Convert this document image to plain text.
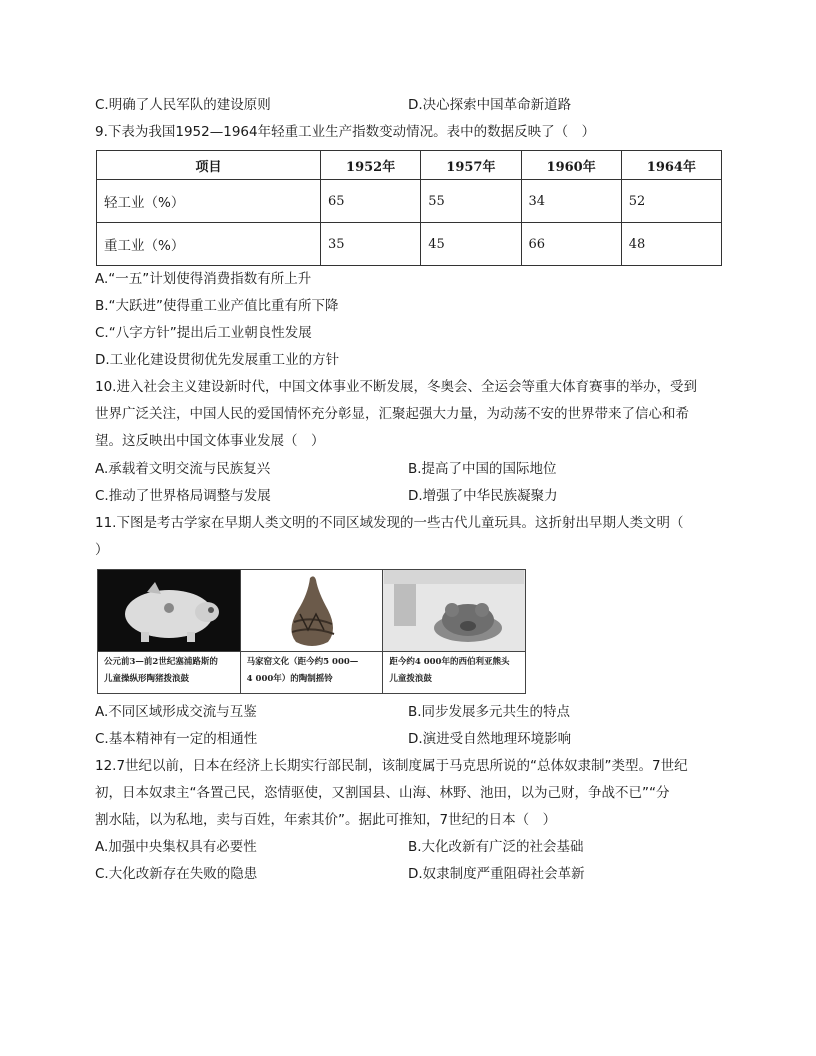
C.明确了人民军队的建设原则	D.决心探索中国革命新道路
9.下表为我国1952—1964年轻重工业生产指数变动情况。表中的数据反映了（　）
项目	1952年	1957年	1960年	1964年
轻工业（%）	65	55	34	52
重工业（%）	35	45	66	48
A.“一五”计划使得消费指数有所上升
B.“大跃进”使得重工业产值比重有所下降
C.“八字方针”提出后工业朝良性发展
D.工业化建设贯彻优先发展重工业的方针
10.进入社会主义建设新时代，中国文体事业不断发展，冬奥会、全运会等重大体育赛事的举办，受到
世界广泛关注，中国人民的爱国情怀充分彰显，汇聚起强大力量，为动荡不安的世界带来了信心和希
望。这反映出中国文体事业发展（　）
A.承载着文明交流与民族复兴	B.提高了中国的国际地位
C.推动了世界格局调整与发展	D.增强了中华民族凝聚力
11.下图是考古学家在早期人类文明的不同区域发现的一些古代儿童玩具。这折射出早期人类文明（
）
公元前3—前2世纪塞浦路斯的
儿童操纵形陶猪拨浪鼓
马家窑文化（距今约5 000—
4 000年）的陶制摇铃
距今约4 000年的西伯利亚熊头
儿童拨浪鼓
A.不同区域形成交流与互鉴	B.同步发展多元共生的特点
C.基本精神有一定的相通性	D.演进受自然地理环境影响
12.7世纪以前，日本在经济上长期实行部民制，该制度属于马克思所说的“总体奴隶制”类型。7世纪
初，日本奴隶主“各置己民，恣情驱使，又割国县、山海、林野、池田，以为己财，争战不已”“分
割水陆，以为私地，卖与百姓，年索其价”。据此可推知，7世纪的日本（　）
A.加强中央集权具有必要性	B.大化改新有广泛的社会基础
C.大化改新存在失败的隐患	D.奴隶制度严重阻碍社会革新
